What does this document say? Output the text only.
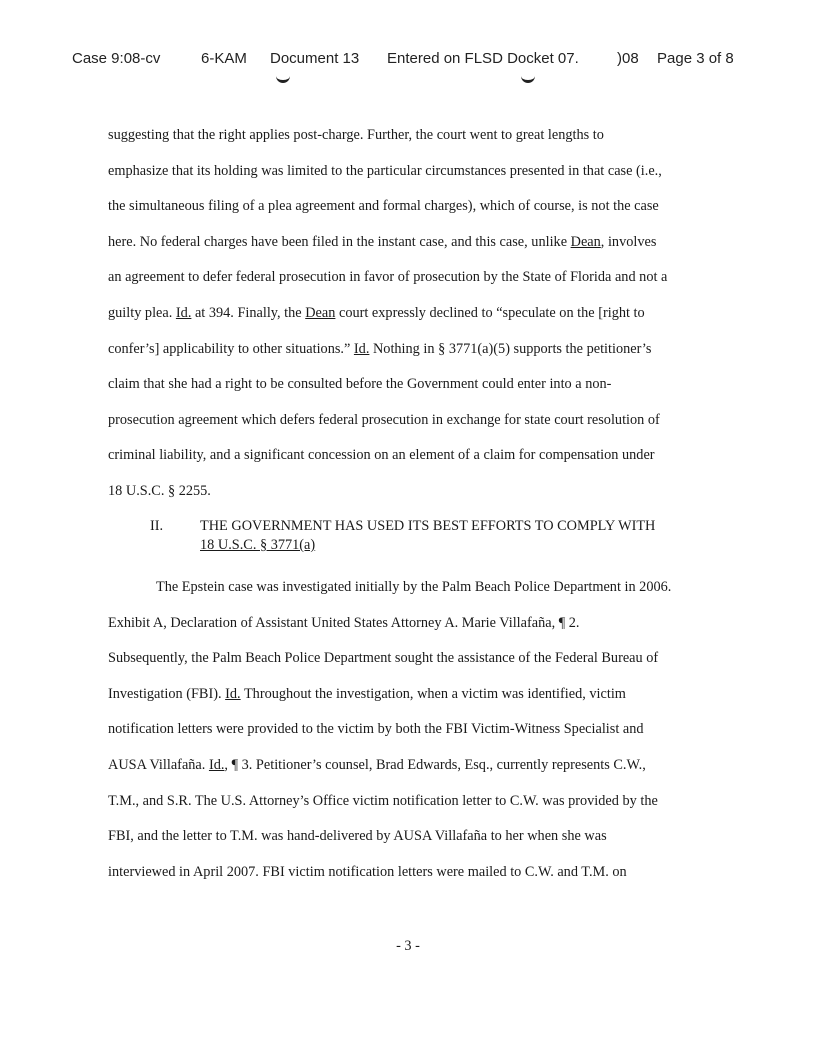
Case 9:08-cv	6-KAM Document 13 Entered on FLSD Docket 07.	)08 Page 3 of 8
suggesting that the right applies post-charge. Further, the court went to great lengths to
emphasize that its holding was limited to the particular circumstances presented in that case (i.e.,
the simultaneous filing of a plea agreement and formal charges), which of course, is not the case
here. No federal charges have been filed in the instant case, and this case, unlike Dean, involves
an agreement to defer federal prosecution in favor of prosecution by the State of Florida and not a
guilty plea. Id. at 394. Finally, the Dean court expressly declined to “speculate on the [right to
confer’s] applicability to other situations.” Id. Nothing in § 3771(a)(5) supports the petitioner’s
claim that she had a right to be consulted before the Government could enter into a non-
prosecution agreement which defers federal prosecution in exchange for state court resolution of
criminal liability, and a significant concession on an element of a claim for compensation under
18 U.S.C. § 2255.
II.	THE GOVERNMENT HAS USED ITS BEST EFFORTS TO COMPLY WITH
18 U.S.C. § 3771(a)
The Epstein case was investigated initially by the Palm Beach Police Department in 2006.
Exhibit A, Declaration of Assistant United States Attorney A. Marie Villafaña, ¶ 2.
Subsequently, the Palm Beach Police Department sought the assistance of the Federal Bureau of
Investigation (FBI). Id. Throughout the investigation, when a victim was identified, victim
notification letters were provided to the victim by both the FBI Victim-Witness Specialist and
AUSA Villafaña. Id., ¶ 3. Petitioner’s counsel, Brad Edwards, Esq., currently represents C.W.,
T.M., and S.R. The U.S. Attorney’s Office victim notification letter to C.W. was provided by the
FBI, and the letter to T.M. was hand-delivered by AUSA Villafaña to her when she was
interviewed in April 2007. FBI victim notification letters were mailed to C.W. and T.M. on
- 3 -
